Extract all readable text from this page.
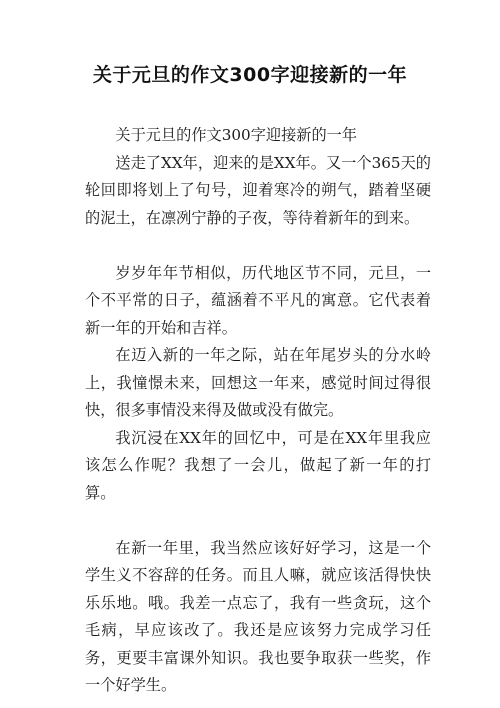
关于元旦的作文300字迎接新的一年

关于元旦的作文300字迎接新的一年

送走了XX年，迎来的是XX年。又一个365天的轮回即将划上了句号，迎着寒冷的朔气，踏着坚硬的泥土，在凛冽宁静的子夜，等待着新年的到来。

岁岁年年节相似，历代地区节不同，元旦，一个不平常的日子，蕴涵着不平凡的寓意。它代表着新一年的开始和吉祥。

在迈入新的一年之际，站在年尾岁头的分水岭上，我憧憬未来，回想这一年来，感觉时间过得很快，很多事情没来得及做或没有做完。

我沉浸在XX年的回忆中，可是在XX年里我应该怎么作呢？我想了一会儿，做起了新一年的打算。

在新一年里，我当然应该好好学习，这是一个学生义不容辞的任务。而且人嘛，就应该活得快快乐乐地。哦。我差一点忘了，我有一些贪玩，这个毛病，早应该改了。我还是应该努力完成学习任务，更要丰富课外知识。我也要争取获一些奖，作一个好学生。
